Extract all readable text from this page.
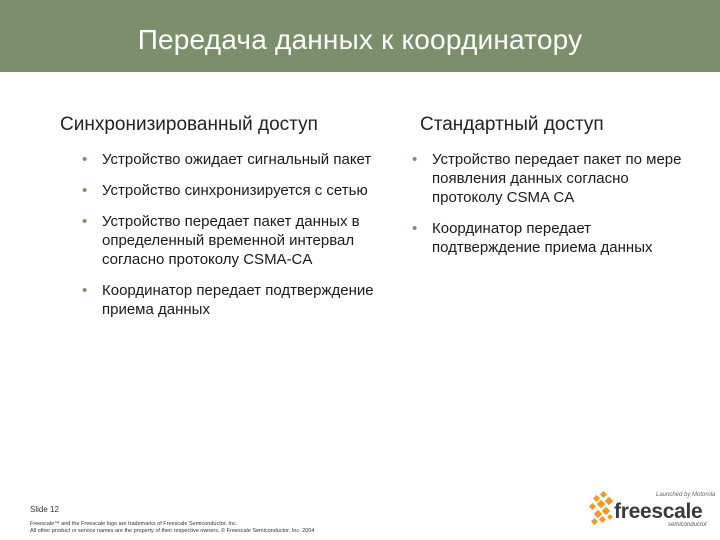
Передача данных к координатору
Синхронизированный доступ	Стандартный доступ
• Устройство ожидает сигнальный пакет
• Устройство синхронизируется с сетью
• Устройство передает пакет данных в определенный временной интервал согласно протоколу CSMA-CA
• Координатор передает подтверждение приема данных
• Устройство передает пакет по мере появления данных согласно протоколу CSMA CA
• Координатор передает подтверждение приема данных
Slide 12
Freescale™ and the Freescale logo are trademarks of Freescale Semiconductor, Inc.
All other product or service names are the property of their respective owners. © Freescale Semiconductor, Inc. 2004
Launched by Motorola
freescale
semiconductor
